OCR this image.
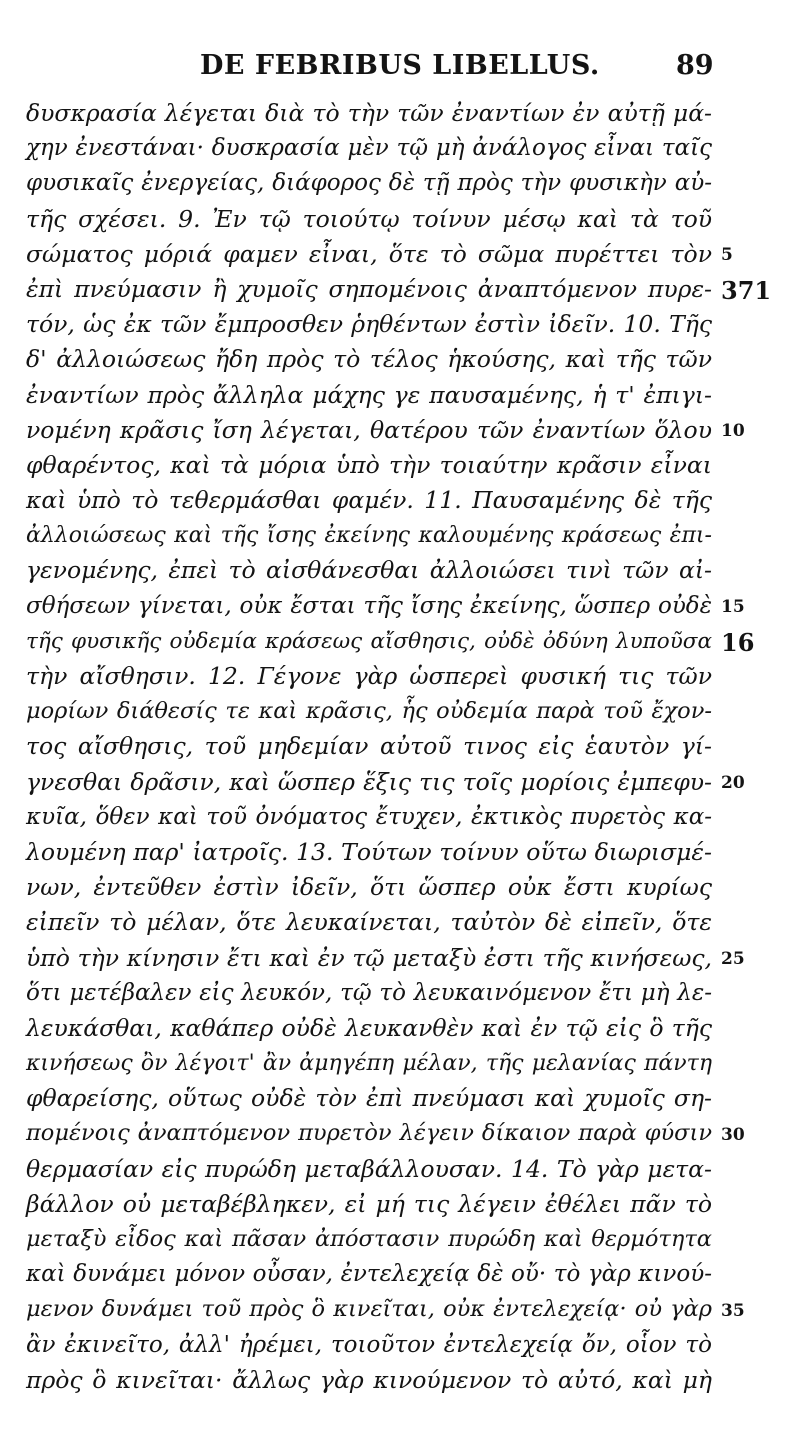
DE FEBRIBUS LIBELLUS.	89
δυσκρασία λέγεται διὰ τὸ τὴν τῶν ἐναντίων ἐν αὐτῇ μά-
χην ἐνεστάναι· δυσκρασία μὲν τῷ μὴ ἀνάλογος εἶναι ταῖς
φυσικαῖς ἐνεργείας, διάφορος δὲ τῇ πρὸς τὴν φυσικὴν αὐ-
τῆς σχέσει. 9. Ἐν τῷ τοιούτῳ τοίνυν μέσῳ καὶ τὰ τοῦ
σώματος μόριά φαμεν εἶναι, ὅτε τὸ σῶμα πυρέττει τὸν
ἐπὶ πνεύμασιν ἢ χυμοῖς σηπομένοις ἀναπτόμενον πυρε-
τόν, ὡς ἐκ τῶν ἔμπροσθεν ῥηθέντων ἐστὶν ἰδεῖν. 10. Τῆς
δ' ἀλλοιώσεως ἤδη πρὸς τὸ τέλος ἡκούσης, καὶ τῆς τῶν
ἐναντίων πρὸς ἄλληλα μάχης γε παυσαμένης, ἡ τ' ἐπιγι-
νομένη κρᾶσις ἴση λέγεται, θατέρου τῶν ἐναντίων ὅλου
φθαρέντος, καὶ τὰ μόρια ὑπὸ τὴν τοιαύτην κρᾶσιν εἶναι
καὶ ὑπὸ τὸ τεθερμάσθαι φαμέν. 11. Παυσαμένης δὲ τῆς
ἀλλοιώσεως καὶ τῆς ἴσης ἐκείνης καλουμένης κράσεως ἐπι-
γενομένης, ἐπεὶ τὸ αἰσθάνεσθαι ἀλλοιώσει τινὶ τῶν αἰ-
σθήσεων γίνεται, οὐκ ἔσται τῆς ἴσης ἐκείνης, ὥσπερ οὐδὲ
τῆς φυσικῆς οὐδεμία κράσεως αἴσθησις, οὐδὲ ὀδύνη λυποῦσα
τὴν αἴσθησιν. 12. Γέγονε γὰρ ὡσπερεὶ φυσική τις τῶν
μορίων διάθεσίς τε καὶ κρᾶσις, ἧς οὐδεμία παρὰ τοῦ ἔχον-
τος αἴσθησις, τοῦ μηδεμίαν αὐτοῦ τινος εἰς ἑαυτὸν γί-
γνεσθαι δρᾶσιν, καὶ ὥσπερ ἕξις τις τοῖς μορίοις ἐμπεφυ-
κυῖα, ὅθεν καὶ τοῦ ὀνόματος ἔτυχεν, ἐκτικὸς πυρετὸς κα-
λουμένη παρ' ἰατροῖς. 13. Τούτων τοίνυν οὕτω διωρισμέ-
νων, ἐντεῦθεν ἐστὶν ἰδεῖν, ὅτι ὥσπερ οὐκ ἔστι κυρίως
εἰπεῖν τὸ μέλαν, ὅτε λευκαίνεται, ταὐτὸν δὲ εἰπεῖν, ὅτε
ὑπὸ τὴν κίνησιν ἔτι καὶ ἐν τῷ μεταξὺ ἐστι τῆς κινήσεως,
ὅτι μετέβαλεν εἰς λευκόν, τῷ τὸ λευκαινόμενον ἔτι μὴ λε-
λευκάσθαι, καθάπερ οὐδὲ λευκανθὲν καὶ ἐν τῷ εἰς ὃ τῆς
κινήσεως ὂν λέγοιτ' ἂν ἀμηγέπη μέλαν, τῆς μελανίας πάντη
φθαρείσης, οὕτως οὐδὲ τὸν ἐπὶ πνεύμασι καὶ χυμοῖς ση-
πομένοις ἀναπτόμενον πυρετὸν λέγειν δίκαιον παρὰ φύσιν
θερμασίαν εἰς πυρώδη μεταβάλλουσαν. 14. Τὸ γὰρ μετα-
βάλλον οὐ μεταβέβληκεν, εἰ μή τις λέγειν ἐθέλει πᾶν τὸ
μεταξὺ εἶδος καὶ πᾶσαν ἀπόστασιν πυρώδη καὶ θερμότητα
καὶ δυνάμει μόνον οὖσαν, ἐντελεχείᾳ δὲ οὔ· τὸ γὰρ κινού-
μενον δυνάμει τοῦ πρὸς ὃ κινεῖται, οὐκ ἐντελεχείᾳ· οὐ γὰρ
ἂν ἐκινεῖτο, ἀλλ' ἠρέμει, τοιοῦτον ἐντελεχείᾳ ὄν, οἷον τὸ
πρὸς ὃ κινεῖται· ἄλλως γὰρ κινούμενον τὸ αὐτό, καὶ μὴ
5
371
10
15
16
20
25
30
35
